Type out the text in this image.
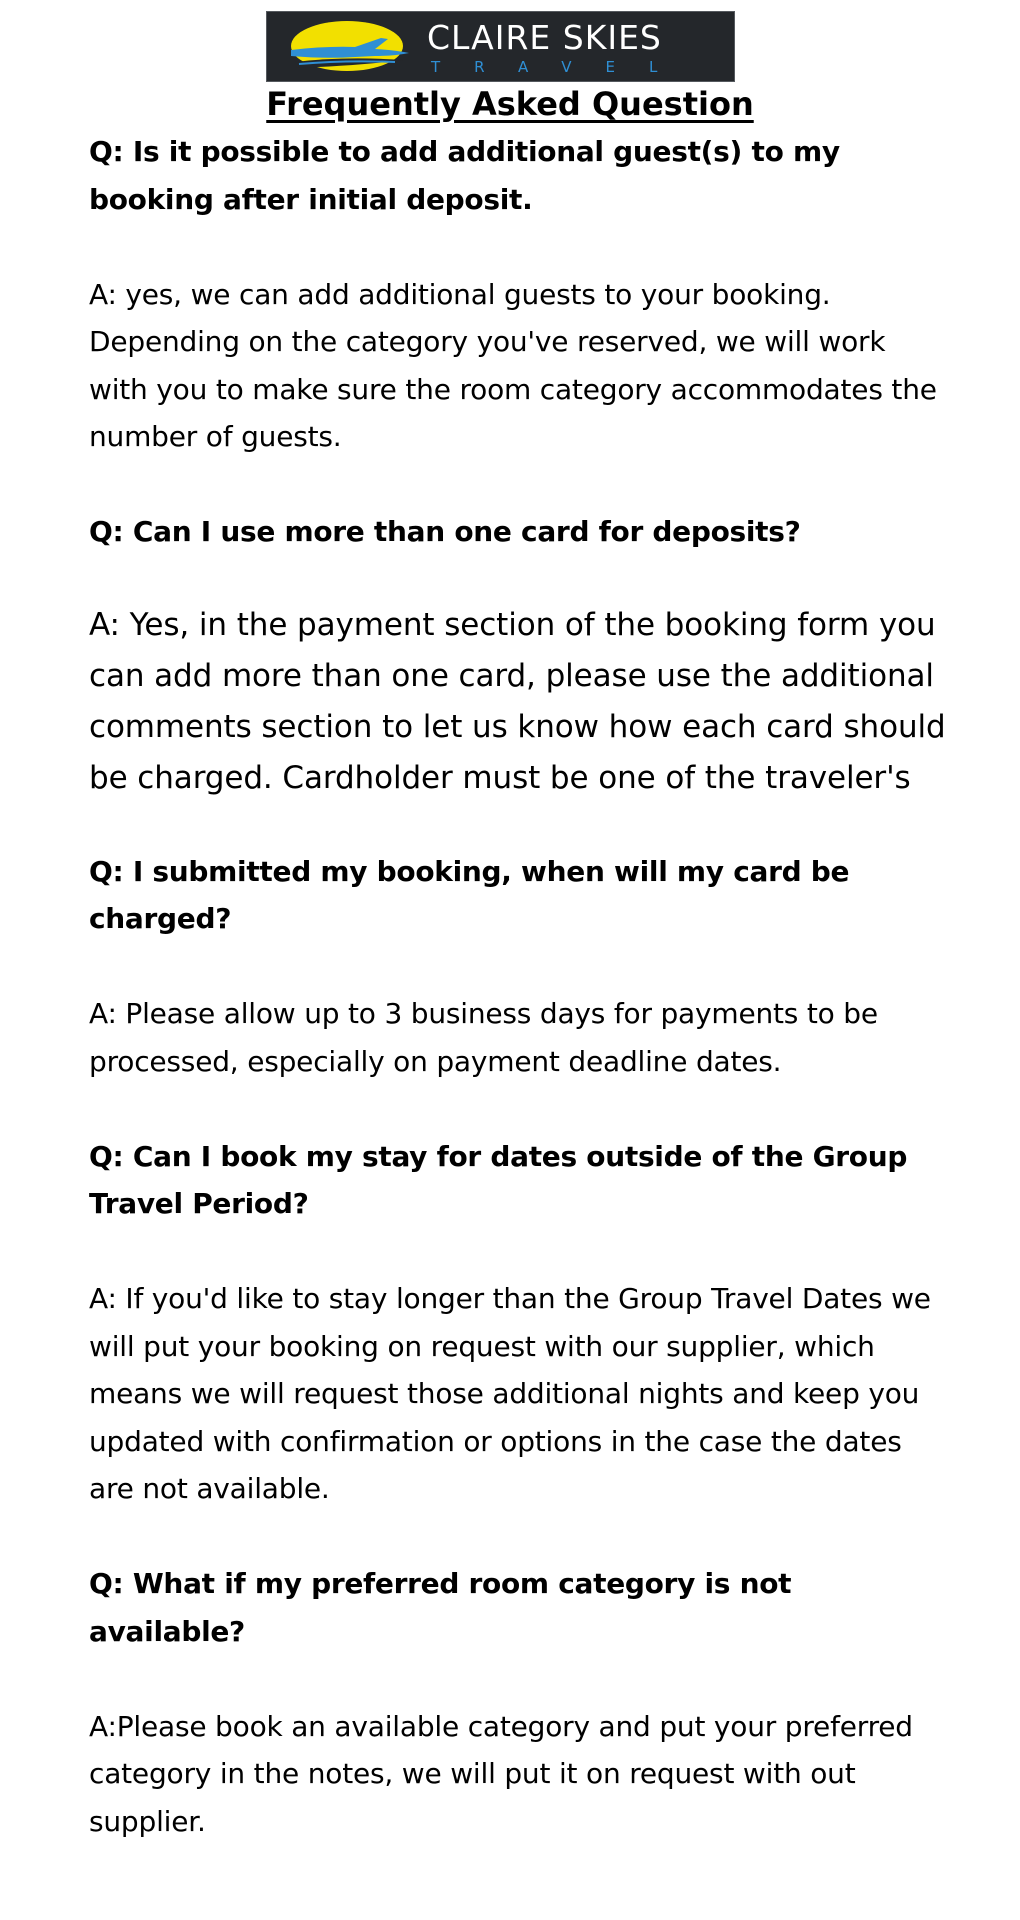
CLAIRE SKIES
TRAVEL
Frequently Asked Question

Q: Is it possible to add additional guest(s) to my booking after initial deposit.

A: yes, we can add additional guests to your booking. Depending on the category you've reserved, we will work with you to make sure the room category accommodates the number of guests.

Q: Can I use more than one card for deposits?

A: Yes, in the payment section of the booking form you can add more than one card, please use the additional comments section to let us know how each card should be charged. Cardholder must be one of the traveler's

Q: I submitted my booking, when will my card be charged?

A: Please allow up to 3 business days for payments to be processed, especially on payment deadline dates.

Q: Can I book my stay for dates outside of the Group Travel Period?

A: If you'd like to stay longer than the Group Travel Dates we will put your booking on request with our supplier, which means we will request those additional nights and keep you updated with confirmation or options in the case the dates are not available.

Q: What if my preferred room category is not available?

A:Please book an available category and put your preferred category in the notes, we will put it on request with out supplier.
